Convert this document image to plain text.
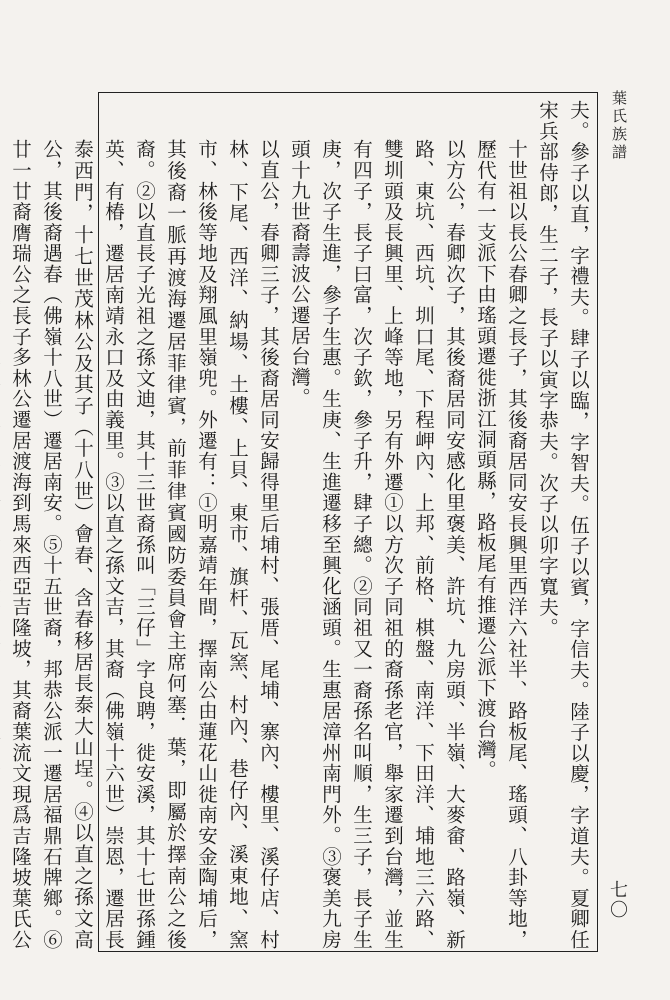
葉氏族譜

夫。參子以直，字禮夫。肆子以臨，字智夫。伍子以賓，字信夫。陸子以慶，字道夫。夏卿任宋兵部侍郎，生二子，長子以寅字恭夫。次子以卯字寬夫。

十世祖以長公春卿之長子，其後裔居同安長興里西洋六社半、路板尾、瑤頭、八卦等地，歷代有一支派下由瑤頭遷徙浙江洞頭縣，路板尾有推遷公派下渡台灣。

以方公，春卿次子，其後裔居同安感化里褒美、許坑、九房頭、半嶺、大麥畲、路嶺、新路、東坑、西坑、圳口尾、下程岬內、上邦、前格、棋盤、南洋、下田洋、埔地三六路、雙圳頭及長興里、上峰等地，另有外遷①以方次子同祖的裔孫老官，舉家遷到台灣，並生有四子，長子曰富，次子欽，參子升，肆子總。②同祖又一裔孫名叫順，生三子，長子生庚，次子生進，參子生惠。生庚、生進遷移至興化涵頭。生惠居漳州南門外。③褒美九房頭十九世裔壽波公遷居台灣。

以直公，春卿三子，其後裔居同安歸得里后埔村、張厝、尾埔、寨內、樓里、溪仔店、村林、下尾、西洋、納場、土樓、上貝、東市、旗杆、瓦窯、村內、巷仔內、溪東地、窯市、林後等地及翔風里嶺兜。外遷有：①明嘉靖年間，擇南公由蓮花山徙南安金陶埔后，其後裔一脈再渡海遷居菲律賓，前菲律賓國防委員會主席何塞．葉，即屬於擇南公之後裔。②以直長子光祖之孫文迪，其十三世裔孫叫「三仔」字良聘，徙安溪，其十七世孫鍾英、有椿，遷居南靖永口及由義里。③以直之孫文吉，其裔（佛嶺十六世）崇恩，遷居長泰西門，十七世茂林公及其子（十八世）會春、含春移居長泰大山埕。④以直之孫文高公，其後裔遇春（佛嶺十八世）遷居南安。⑤十五世裔，邦恭公派一遷居福鼎石牌鄉。⑥廿一廿裔膺瑞公之長子多林公遷居渡海到馬來西亞吉隆坡，其裔葉流文現爲吉隆坡葉氏公

七〇
